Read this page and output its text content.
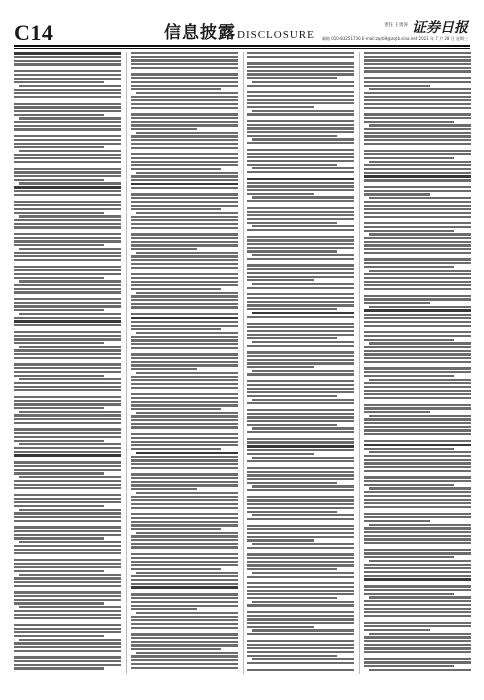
C14	信息披露DISCLOSURE
责任 王勇涛 证券日报
邮箱 010-83251730 E-mail:zqrb9@zqrb.sina.net 2021 年 7 月 28 日 星期三
